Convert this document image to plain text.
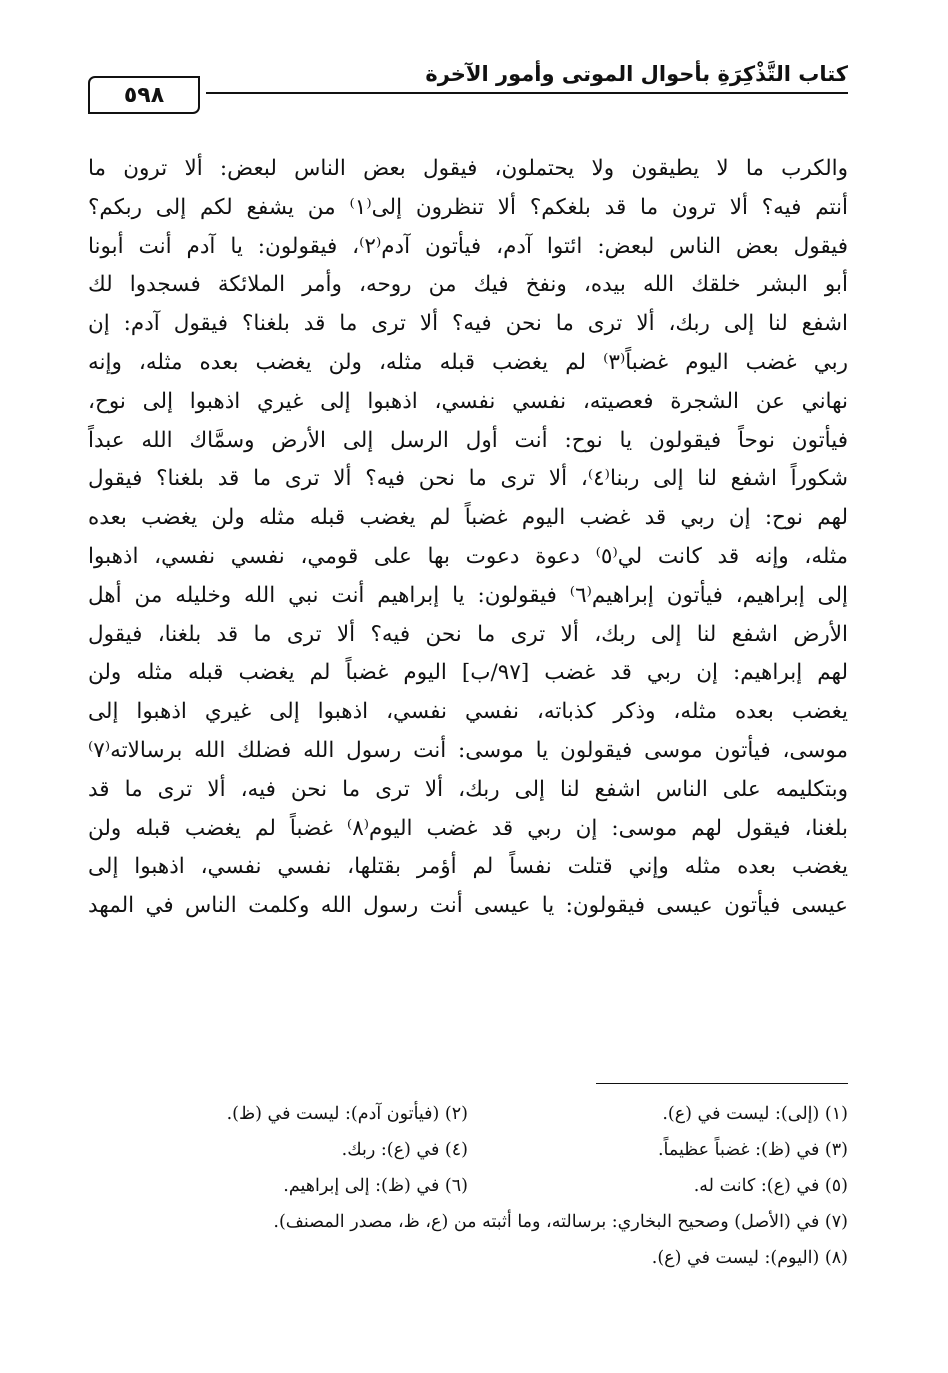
كتاب التَّذْكِرَةِ بأحوال الموتى وأمور الآخرة
٥٩٨

والكرب ما لا يطيقون ولا يحتملون، فيقول بعض الناس لبعض: ألا ترون ما
أنتم فيه؟ ألا ترون ما قد بلغكم؟ ألا تنظرون إلى⁽١⁾ من يشفع لكم إلى ربكم؟
فيقول بعض الناس لبعض: ائتوا آدم، فيأتون آدم⁽٢⁾، فيقولون: يا آدم أنت أبونا
أبو البشر خلقك الله بيده، ونفخ فيك من روحه، وأمر الملائكة فسجدوا لك
اشفع لنا إلى ربك، ألا ترى ما نحن فيه؟ ألا ترى ما قد بلغنا؟ فيقول آدم: إن
ربي غضب اليوم غضباً⁽٣⁾ لم يغضب قبله مثله، ولن يغضب بعده مثله، وإنه
نهاني عن الشجرة فعصيته، نفسي نفسي، اذهبوا إلى غيري اذهبوا إلى نوح،
فيأتون نوحاً فيقولون يا نوح: أنت أول الرسل إلى الأرض وسمَّاك الله عبداً
شكوراً اشفع لنا إلى ربنا⁽٤⁾، ألا ترى ما نحن فيه؟ ألا ترى ما قد بلغنا؟ فيقول
لهم نوح: إن ربي قد غضب اليوم غضباً لم يغضب قبله مثله ولن يغضب بعده
مثله، وإنه قد كانت لي⁽٥⁾ دعوة دعوت بها على قومي، نفسي نفسي، اذهبوا
إلى إبراهيم، فيأتون إبراهيم⁽٦⁾ فيقولون: يا إبراهيم أنت نبي الله وخليله من أهل
الأرض اشفع لنا إلى ربك، ألا ترى ما نحن فيه؟ ألا ترى ما قد بلغنا، فيقول
لهم إبراهيم: إن ربي قد غضب [٩٧/ب] اليوم غضباً لم يغضب قبله مثله ولن
يغضب بعده مثله، وذكر كذباته، نفسي نفسي، اذهبوا إلى غيري اذهبوا إلى
موسى، فيأتون موسى فيقولون يا موسى: أنت رسول الله فضلك الله برسالاته⁽٧⁾
وبتكليمه على الناس اشفع لنا إلى ربك، ألا ترى ما نحن فيه، ألا ترى ما قد
بلغنا، فيقول لهم موسى: إن ربي قد غضب اليوم⁽٨⁾ غضباً لم يغضب قبله ولن
يغضب بعده مثله وإني قتلت نفساً لم أؤمر بقتلها، نفسي نفسي، اذهبوا إلى
عيسى فيأتون عيسى فيقولون: يا عيسى أنت رسول الله وكلمت الناس في المهد

(١) (إلى): ليست في (ع).
(٢) (فيأتون آدم): ليست في (ظ).
(٣) في (ظ): غضباً عظيماً.
(٤) في (ع): ربك.
(٥) في (ع): كانت له.
(٦) في (ظ): إلى إبراهيم.
(٧) في (الأصل) وصحيح البخاري: برسالته، وما أثبته من (ع، ظ، مصدر المصنف).
(٨) (اليوم): ليست في (ع).
